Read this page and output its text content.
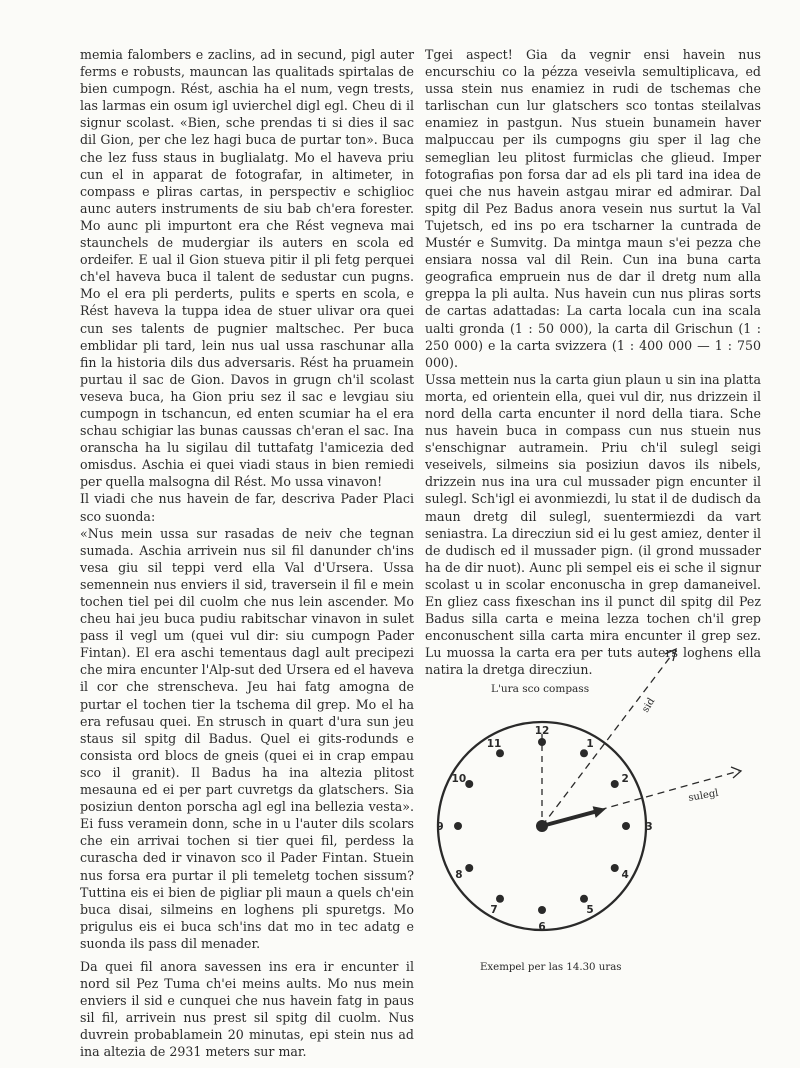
memia falombers e zaclins, ad in secund, pigl auter ferms e robusts, mauncan las qualitads spirtalas de bien cumpogn. Rést, aschia ha el num, vegn trests, las larmas ein osum igl uvierchel digl egl. Cheu di il signur scolast. «Bien, sche prendas ti si dies il sac dil Gion, per che lez hagi buca de purtar ton». Buca che lez fuss staus in buglialatg. Mo el haveva priu cun el in apparat de fotografar, in altimeter, in compass e pliras cartas, in perspectiv e schiglioc aunc auters instruments de siu bab ch'era forester. Mo aunc pli impurtont era che Rést vegneva mai staunchels de mudergiar ils auters en scola ed ordeifer. E ual il Gion stueva pitir il pli fetg perquei ch'el haveva buca il talent de sedustar cun pugns. Mo el era pli perderts, pulits e sperts en scola, e Rést haveva la tuppa idea de stuer ulivar ora quei cun ses talents de pugnier maltschec. Per buca emblidar pli tard, lein nus ual ussa raschunar alla fin la historia dils dus adversaris. Rést ha pruamein purtau il sac de Gion. Davos in grugn ch'il scolast veseva buca, ha Gion priu sez il sac e levgiau siu cumpogn in tschancun, ed enten scumiar ha el era schau schigiar las bunas caussas ch'eran el sac. Ina oranscha ha lu sigilau dil tuttafatg l'amicezia ded omisdus. Aschia ei quei viadi staus in bien remiedi per quella malsogna dil Rést. Mo ussa vinavon!

Il viadi che nus havein de far, descriva Pader Placi sco suonda:

«Nus mein ussa sur rasadas de neiv che tegnan sumada. Aschia arrivein nus sil fil danunder ch'ins vesa giu sil teppi verd ella Val d'Ursera. Ussa semennein nus enviers il sid, traversein il fil e mein tochen tiel pei dil cuolm che nus lein ascender. Mo cheu hai jeu buca pudiu rabitschar vinavon in sulet pass il vegl um (quei vul dir: siu cumpogn Pader Fintan). El era aschi tementaus dagl ault precipezi che mira encunter l'Alp-sut ded Ursera ed el haveva il cor che strenscheva. Jeu hai fatg amogna de purtar el tochen tier la tschema dil grep. Mo el ha era refusau quei. En strusch in quart d'ura sun jeu staus sil spitg dil Badus. Quel ei gits-rodunds e consista ord blocs de gneis (quei ei in crap empau sco il granit). Il Badus ha ina altezia plitost mesauna ed ei per part cuvretgs da glatschers. Sia posiziun denton porscha agl egl ina bellezia vesta». Ei fuss veramein donn, sche in u l'auter dils scolars che ein arrivai tochen si tier quei fil, perdess la curascha ded ir vinavon sco il Pader Fintan. Stuein nus forsa era purtar il pli temeletg tochen sissum? Tuttina eis ei bien de pigliar pli maun a quels ch'ein buca disai, silmeins en loghens pli spuretgs. Mo prigulus eis ei buca sch'ins dat mo in tec adatg e suonda ils pass dil menader.

Da quei fil anora savessen ins era ir encunter il nord sil Pez Tuma ch'ei meins aults. Mo nus mein enviers il sid e cunquei che nus havein fatg in paus sil fil, arrivein nus prest sil spitg dil cuolm. Nus duvrein probablamein 20 minutas, epi stein nus ad ina altezia de 2931 meters sur mar.

Tgei aspect! Gia da vegnir ensi havein nus encurschiu co la pézza veseivla semultiplicava, ed ussa stein nus enamiez in rudi de tschemas che tarlischan cun lur glatschers sco tontas steilalvas enamiez in pastgun. Nus stuein bunamein haver malpuccau per ils cumpogns giu sper il lag che semeglian leu plitost furmiclas che glieud. Imper fotografias pon forsa dar ad els pli tard ina idea de quei che nus havein astgau mirar ed admirar. Dal spitg dil Pez Badus anora vesein nus surtut la Val Tujetsch, ed ins po era tscharner la cuntrada de Mustér e Sumvitg. Da mintga maun s'ei pezza che ensiara nossa val dil Rein. Cun ina buna carta geografica empruein nus de dar il dretg num alla greppa la pli aulta. Nus havein cun nus pliras sorts de cartas adattadas: La carta locala cun ina scala ualti gronda (1 : 50 000), la carta dil Grischun (1 : 250 000) e la carta svizzera (1 : 400 000 — 1 : 750 000).

Ussa mettein nus la carta giun plaun u sin ina platta morta, ed orientein ella, quei vul dir, nus drizzein il nord della carta encunter il nord della tiara. Sche nus havein buca in compass cun nus stuein nus s'enschignar autramein. Priu ch'il sulegl seigi veseivels, silmeins sia posiziun davos ils nibels, drizzein nus ina ura cul mussader pign encunter il sulegl. Sch'igl ei avonmiezdi, lu stat il de dudisch da maun dretg dil sulegl, suentermiezdi da vart seniastra. La direcziun sid ei lu gest amiez, denter il de dudisch ed il mussader pign. (il grond mussader ha de dir nuot). Aunc pli sempel eis ei sche il signur scolast u in scolar enconuscha in grep damaneivel. En gliez cass fixeschan ins il punct dil spitg dil Pez Badus silla carta e meina lezza tochen ch'il grep enconuschent silla carta mira encunter il grep sez. Lu muossa la carta era per tuts auters loghens ella natira la dretga direcziun.

L'ura sco compass
sid
sulegl
12
1
2
3
4
5
6
7
8
9
10
11
Exempel per las 14.30 uras
